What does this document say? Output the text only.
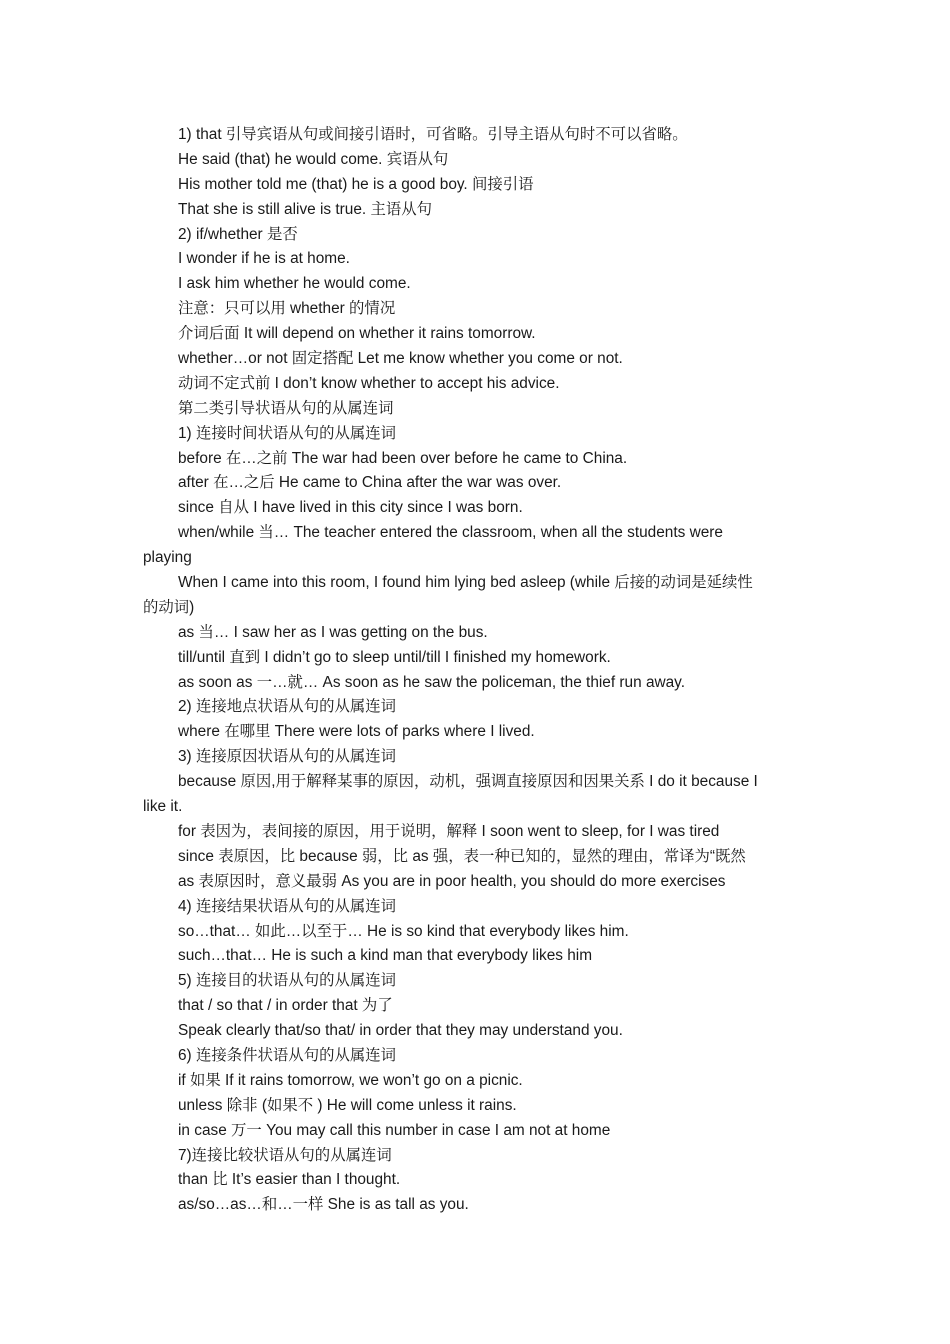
1) that 引导宾语从句或间接引语时，可省略。引导主语从句时不可以省略。
He said (that) he would come. 宾语从句
His mother told me (that) he is a good boy. 间接引语
That she is still alive is true. 主语从句
2) if/whether 是否
I wonder if he is at home.
I ask him whether he would come.
注意：只可以用 whether 的情况
介词后面 It will depend on whether it rains tomorrow.
whether…or not 固定搭配 Let me know whether you come or not.
动词不定式前 I don’t know whether to accept his advice.
第二类引导状语从句的从属连词
1) 连接时间状语从句的从属连词
before 在…之前 The war had been over before he came to China.
after 在…之后 He came to China after the war was over.
since 自从 I have lived in this city since I was born.
when/while 当… The teacher entered the classroom, when all the students were
playing
When I came into this room, I found him lying bed asleep (while 后接的动词是延续性
的动词)
as 当… I saw her as I was getting on the bus.
till/until 直到 I didn’t go to sleep until/till I finished my homework.
as soon as 一…就… As soon as he saw the policeman, the thief run away.
2) 连接地点状语从句的从属连词
where 在哪里 There were lots of parks where I lived.
3) 连接原因状语从句的从属连词
because 原因,用于解释某事的原因，动机，强调直接原因和因果关系 I do it because I
like it.
for 表因为，表间接的原因，用于说明，解释 I soon went to sleep, for I was tired
since 表原因，比 because 弱，比 as 强，表一种已知的，显然的理由，常译为“既然
as 表原因时，意义最弱 As you are in poor health, you should do more exercises
4) 连接结果状语从句的从属连词
so…that… 如此…以至于… He is so kind that everybody likes him.
such…that… He is such a kind man that everybody likes him
5) 连接目的状语从句的从属连词
that / so that / in order that 为了
Speak clearly that/so that/ in order that they may understand you.
6) 连接条件状语从句的从属连词
if 如果 If it rains tomorrow, we won’t go on a picnic.
unless 除非 (如果不 ) He will come unless it rains.
in case 万一 You may call this number in case I am not at home
7)连接比较状语从句的从属连词
than 比 It’s easier than I thought.
as/so…as…和…一样 She is as tall as you.
